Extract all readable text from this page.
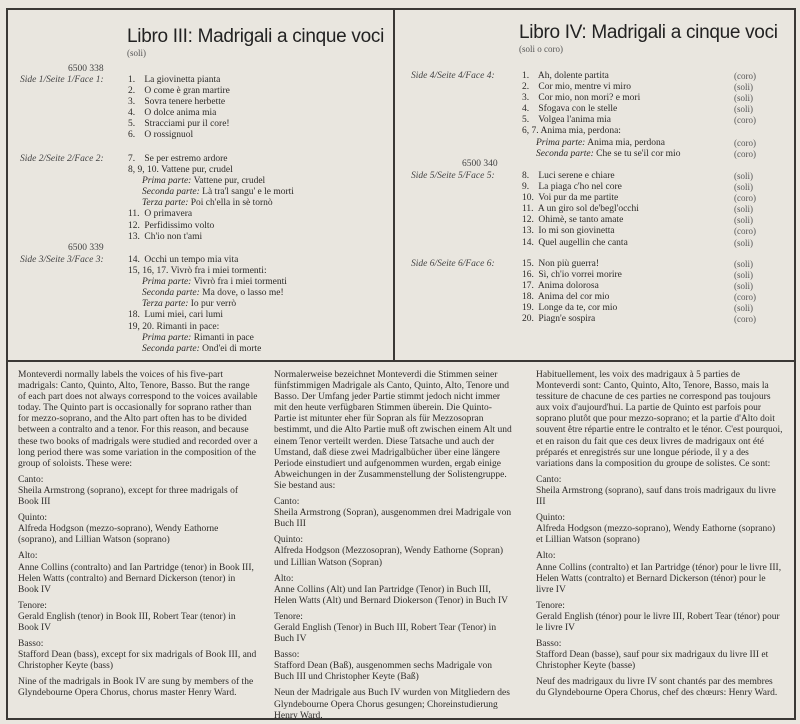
Libro III: Madrigali a cinque voci
(soli)
6500 338
Side 1/Seite 1/Face 1:	1. La giovinetta pianta
2. O come è gran martire
3. Sovra tenere herbette
4. O dolce anima mia
5. Stracciami pur il core!
6. O rossignuol
Side 2/Seite 2/Face 2:	7. Se per estremo ardore
8, 9, 10. Vattene pur, crudel
Prima parte: Vattene pur, crudel
Seconda parte: Là tra'l sangu' e le morti
Terza parte: Poi ch'ella in sè tornò
11. O primavera
12. Perfidissimo volto
13. Ch'io non t'ami
6500 339
Side 3/Seite 3/Face 3:	14. Occhi un tempo mia vita
15, 16, 17. Vivrò fra i miei tormenti:
Prima parte: Vivrò fra i miei tormenti
Seconda parte: Ma dove, o lasso me!
Terza parte: Io pur verrò
18. Lumi miei, cari lumi
19, 20. Rimanti in pace:
Prima parte: Rimanti in pace
Seconda parte: Ond'ei di morte
Libro IV: Madrigali a cinque voci
(soli o coro)
Side 4/Seite 4/Face 4:	1. Ah, dolente partita	(coro)
2. Cor mio, mentre vi miro	(soli)
3. Cor mio, non mori? e mori	(soli)
4. Sfogava con le stelle	(soli)
5. Volgea l'anima mia	(coro)
6, 7. Anima mia, perdona:
Prima parte: Anima mia, perdona	(coro)
Seconda parte: Che se tu se'il cor mio	(coro)
6500 340
Side 5/Seite 5/Face 5:	8. Luci serene e chiare	(soli)
9. La piaga c'ho nel core	(soli)
10. Voi pur da me partite	(coro)
11. A un giro sol de'begl'occhi	(soli)
12. Ohimè, se tanto amate	(soli)
13. Io mi son giovinetta	(coro)
14. Quel augellin che canta	(soli)
Side 6/Seite 6/Face 6:	15. Non più guerra!	(soli)
16. Sì, ch'io vorrei morire	(soli)
17. Anima dolorosa	(soli)
18. Anima del cor mio	(coro)
19. Longe da te, cor mio	(soli)
20. Piagn'e sospira	(coro)

Monteverdi normally labels the voices of his five-part madrigals: Canto, Quinto, Alto, Tenore, Basso. But the range of each part does not always correspond to the voices available today. The Quinto part is occasionally for soprano rather than for mezzo-soprano, and the Alto part often has to be divided between a contralto and a tenor. For this reason, and because these two books of madrigals were studied and recorded over a long period there was some variation in the composition of the group of soloists. These were:

Canto:

Sheila Armstrong (soprano), except for three madrigals of Book III

Quinto:

Alfreda Hodgson (mezzo-soprano), Wendy Eathorne (soprano), and Lillian Watson (soprano)

Alto:

Anne Collins (contralto) and Ian Partridge (tenor) in Book III,

Helen Watts (contralto) and Bernard Dickerson (tenor) in Book IV

Tenore:

Gerald English (tenor) in Book III, Robert Tear (tenor) in Book IV

Basso:

Stafford Dean (bass), except for six madrigals of Book III, and Christopher Keyte (bass)

Nine of the madrigals in Book IV are sung by members of the Glyndebourne Opera Chorus, chorus master Henry Ward.

Normalerweise bezeichnet Monteverdi die Stimmen seiner fünfstimmigen Madrigale als Canto, Quinto, Alto, Tenore und Basso. Der Umfang jeder Partie stimmt jedoch nicht immer mit den heute verfügbaren Stimmen überein. Die Quinto-Partie ist mitunter eher für Sopran als für Mezzosopran bestimmt, und die Alto Partie muß oft zwischen einem Alt und einem Tenor verteilt werden. Diese Tatsache und auch der Umstand, daß diese zwei Madrigalbücher über eine längere Periode einstudiert und aufgenommen wurden, ergab einige Abweichungen in der Zusammenstellung der Solistengruppe.

Sie bestand aus:

Canto:

Sheila Armstrong (Sopran), ausgenommen drei Madrigale von Buch III

Quinto:

Alfreda Hodgson (Mezzosopran), Wendy Eathorne (Sopran) und Lillian Watson (Sopran)

Alto:

Anne Collins (Alt) und Ian Partridge (Tenor) in Buch III,

Helen Watts (Alt) und Bernard Diokerson (Tenor) in Buch IV

Tenore:

Gerald English (Tenor) in Buch III, Robert Tear (Tenor) in Buch IV

Basso:

Stafford Dean (Baß), ausgenommen sechs Madrigale von Buch III und Christopher Keyte (Baß)

Neun der Madrigale aus Buch IV wurden von Mitgliedern des Glyndebourne Opera Chorus gesungen; Choreinstudierung Henry Ward.

Habituellement, les voix des madrigaux à 5 parties de Monteverdi sont: Canto, Quinto, Alto, Tenore, Basso, mais la tessiture de chacune de ces parties ne correspond pas toujours aux voix d'aujourd'hui. La partie de Quinto est parfois pour soprano plutôt que pour mezzo-soprano; et la partie d'Alto doit souvent être répartie entre le contralto et le ténor. C'est pourquoi, et en raison du fait que ces deux livres de madrigaux ont été préparés et enregistrés sur une longue période, il y a des variations dans la composition du groupe de solistes. Ce sont:

Canto:

Sheila Armstrong (soprano), sauf dans trois madrigaux du livre III

Quinto:

Alfreda Hodgson (mezzo-soprano), Wendy Eathorne (soprano) et Lillian Watson (soprano)

Alto:

Anne Collins (contralto) et Ian Partridge (ténor) pour le livre III,

Helen Watts (contralto) et Bernard Dickerson (ténor) pour le livre IV

Tenore:

Gerald English (ténor) pour le livre III, Robert Tear (ténor) pour le livre IV

Basso:

Stafford Dean (basse), sauf pour six madrigaux du livre III et Christopher Keyte (basse)

Neuf des madrigaux du livre IV sont chantés par des membres du Glyndebourne Opera Chorus, chef des chœurs: Henry Ward.
